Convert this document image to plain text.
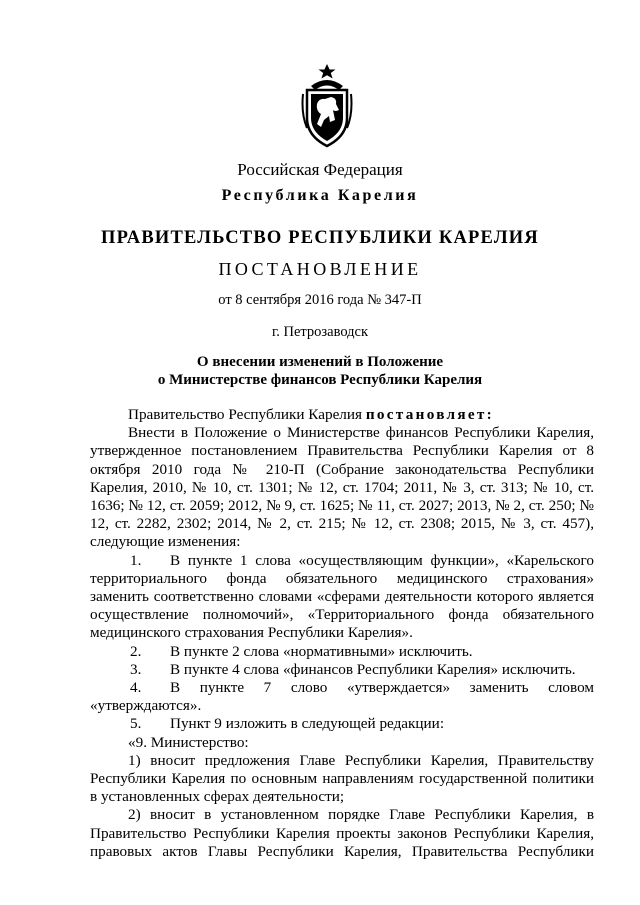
Российская Федерация
Республика Карелия
ПРАВИТЕЛЬСТВО РЕСПУБЛИКИ КАРЕЛИЯ
ПОСТАНОВЛЕНИЕ
от 8 сентября 2016 года № 347-П
г. Петрозаводск
О внесении изменений в Положение
о Министерстве финансов Республики Карелия
Правительство Республики Карелия постановляет:
Внести в Положение о Министерстве финансов Республики Карелия, утвержденное постановлением Правительства Республики Карелия от 8 октября 2010 года № 210-П (Собрание законодательства Республики Карелия, 2010, № 10, ст. 1301; № 12, ст. 1704; 2011, № 3, ст. 313; № 10, ст. 1636; № 12, ст. 2059; 2012, № 9, ст. 1625; № 11, ст. 2027; 2013, № 2, ст. 250; № 12, ст. 2282, 2302; 2014, № 2, ст. 215; № 12, ст. 2308; 2015, № 3, ст. 457), следующие изменения:
1. В пункте 1 слова «осуществляющим функции», «Карельского территориального фонда обязательного медицинского страхования» заменить соответственно словами «сферами деятельности которого является осуществление полномочий», «Территориального фонда обязательного медицинского страхования Республики Карелия».
2. В пункте 2 слова «нормативными» исключить.
3. В пункте 4 слова «финансов Республики Карелия» исключить.
4. В пункте 7 слово «утверждается» заменить словом «утверждаются».
5. Пункт 9 изложить в следующей редакции:
«9. Министерство:
1) вносит предложения Главе Республики Карелия, Правительству Республики Карелия по основным направлениям государственной политики в установленных сферах деятельности;
2) вносит в установленном порядке Главе Республики Карелия, в Правительство Республики Карелия проекты законов Республики Карелия, правовых актов Главы Республики Карелия, Правительства Республики
